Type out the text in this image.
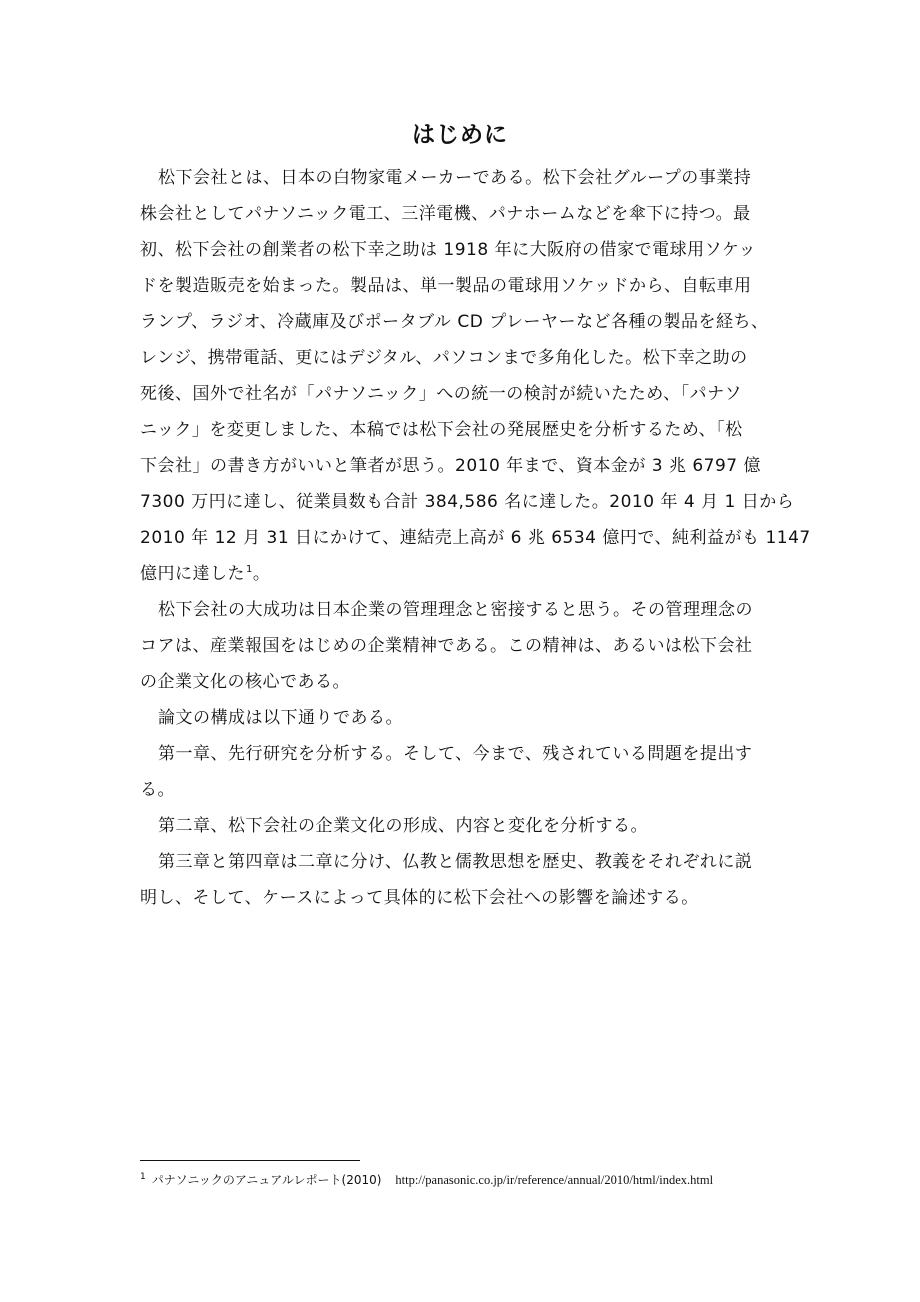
はじめに
松下会社とは、日本の白物家電メーカーである。松下会社グループの事業持
株会社としてパナソニック電工、三洋電機、パナホームなどを傘下に持つ。最
初、松下会社の創業者の松下幸之助は 1918 年に大阪府の借家で電球用ソケッ
ドを製造販売を始まった。製品は、単一製品の電球用ソケッドから、自転車用
ランプ、ラジオ、冷蔵庫及びポータブル CD プレーヤーなど各種の製品を経ち、
レンジ、携帯電話、更にはデジタル、パソコンまで多角化した。松下幸之助の
死後、国外で社名が「パナソニック」への統一の検討が続いたため、「パナソ
ニック」を変更しました、本稿では松下会社の発展歴史を分析するため、「松
下会社」の書き方がいいと筆者が思う。2010 年まで、資本金が 3 兆 6797 億
7300 万円に達し、従業員数も合計 384,586 名に達した。2010 年 4 月 1 日から
2010 年 12 月 31 日にかけて、連結売上高が 6 兆 6534 億円で、純利益がも 1147
億円に達した$^1$。
松下会社の大成功は日本企業の管理理念と密接すると思う。その管理理念の
コアは、産業報国をはじめの企業精神である。この精神は、あるいは松下会社
の企業文化の核心である。
論文の構成は以下通りである。
第一章、先行研究を分析する。そして、今まで、残されている問題を提出す
る。
第二章、松下会社の企業文化の形成、内容と変化を分析する。
第三章と第四章は二章に分け、仏教と儒教思想を歴史、教義をそれぞれに説
明し、そして、ケースによって具体的に松下会社への影響を論述する。
$^1$ パナソニックのアニュアルレポート(2010) http://panasonic.co.jp/ir/reference/annual/2010/html/index.html
